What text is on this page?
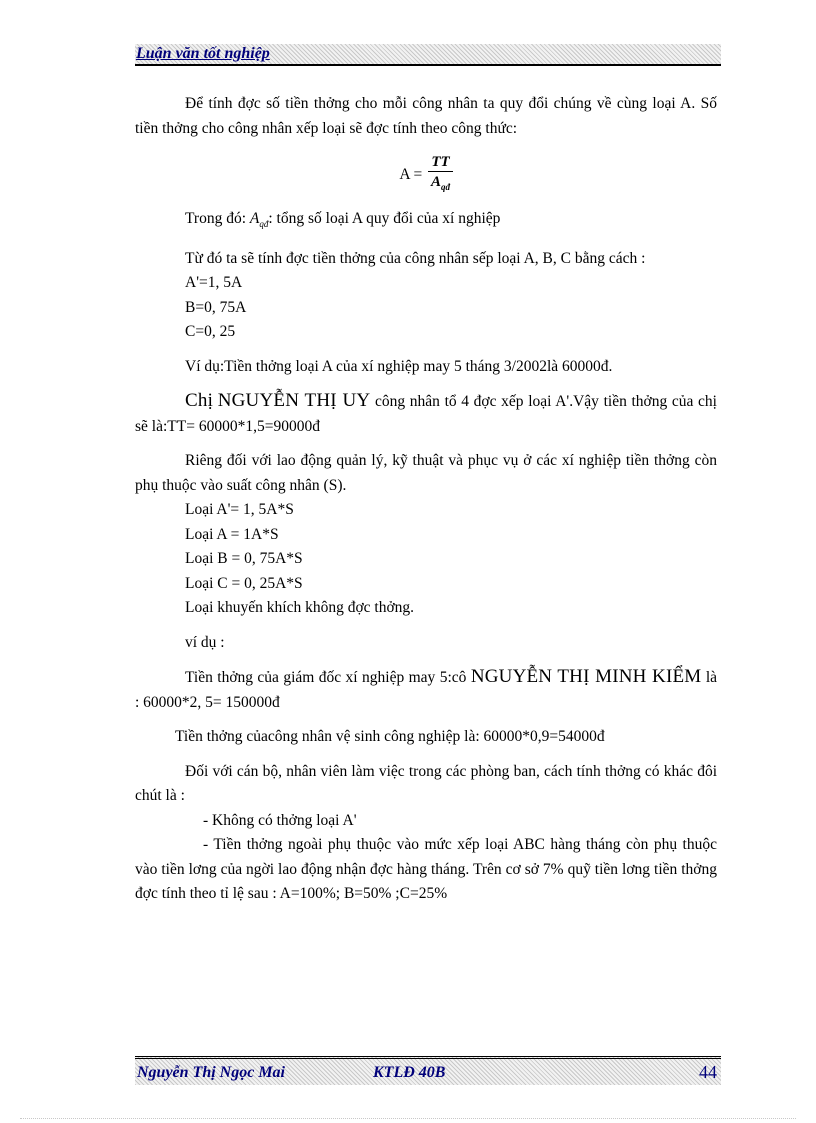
Luận văn tốt nghiệp

Để tính đợc số tiền thởng cho mỗi công nhân ta quy đổi chúng về cùng loại A. Số tiền thởng cho công nhân xếp loại sẽ đợc tính theo công thức:

$A = \frac{TT}{A_{qđ}}$

Trong đó: $A_{qđ}$: tổng số loại A quy đổi của xí nghiệp

Từ đó ta sẽ tính đợc tiền thởng của công nhân sếp loại A, B, C bằng cách :

A'=1, 5A

B=0, 75A

C=0, 25

Ví dụ:Tiền thởng loại A của xí nghiệp may 5 tháng 3/2002là 60000đ.

Chị NGUYỄN THỊ UY công nhân tổ 4 đợc xếp loại A'.Vậy tiền thởng của chị sẽ là:TT= 60000*1,5=90000đ

Riêng đối với lao động quản lý, kỹ thuật và phục vụ ở các xí nghiệp tiền thởng còn phụ thuộc vào suất công nhân (S).

Loại A'= 1, 5A*S

Loại A = 1A*S

Loại B = 0, 75A*S

Loại C = 0, 25A*S

Loại khuyến khích không đợc thởng.

ví dụ :

Tiền thởng của giám đốc xí nghiệp may 5:cô NGUYỄN THỊ MINH KIỂM là : 60000*2, 5= 150000đ

Tiền thởng củacông nhân vệ sinh công nghiệp là: 60000*0,9=54000đ

Đối với cán bộ, nhân viên làm việc trong các phòng ban, cách tính thởng có khác đôi chút là :

- Không có thởng loại A'

- Tiền thởng ngoài phụ thuộc vào mức xếp loại ABC hàng tháng còn phụ thuộc vào tiền lơng của ngời lao động nhận đợc hàng tháng. Trên cơ sở 7% quỹ tiền lơng tiền thởng đợc tính theo tỉ lệ sau : A=100%; B=50% ;C=25%

Nguyễn Thị Ngọc Mai	KTLĐ 40B	44
